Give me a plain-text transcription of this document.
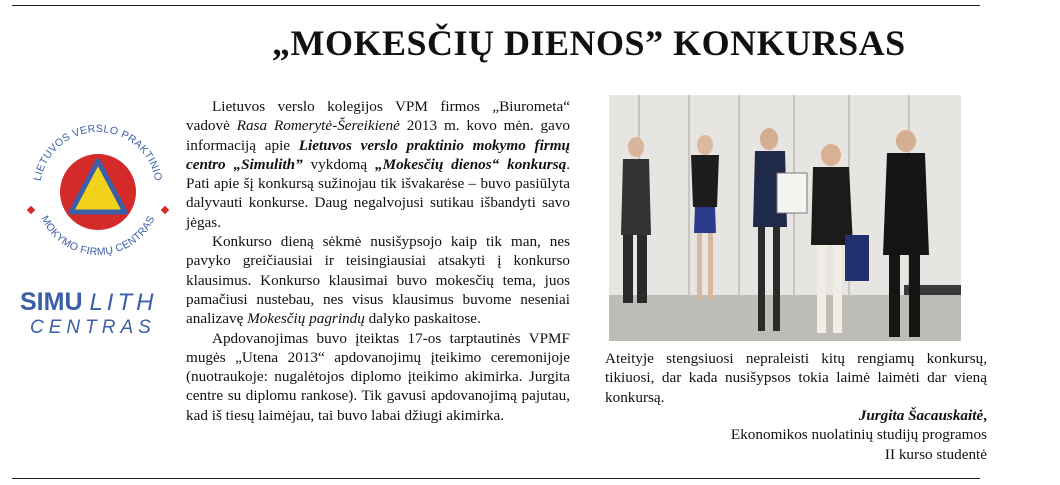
„MOKESČIŲ DIENOS” KONKURSAS
LIETUVOS VERSLO PRAKTINIO
MOKYMO FIRMŲ CENTRAS
SIMU LITH
CENTRAS

Lietuvos verslo kolegijos VPM firmos „Biurometa“ vadovė Rasa Romerytė-Šereikienė 2013 m. kovo mėn. gavo informaciją apie Lietuvos verslo praktinio mokymo firmų centro „Simulith” vykdomą „Mokesčių dienos“ konkursą. Pati apie šį konkursą sužinojau tik išvakarėse – buvo pasiūlyta dalyvauti konkurse. Daug negalvojusi sutikau išbandyti savo jėgas.

Konkurso dieną sėkmė nusišypsojo kaip tik man, nes pavyko greičiausiai ir teisingiausiai atsakyti į konkurso klausimus. Konkurso klausimai buvo mokesčių tema, juos pamačiusi nustebau, nes visus klausimus buvome neseniai analizavę Mokesčių pagrindų dalyko paskaitose.

Apdovanojimas buvo įteiktas 17-os tarptautinės VPMF mugės „Utena 2013“ apdovanojimų įteikimo ceremonijoje (nuotraukoje: nugalėtojos diplomo įteikimo akimirka. Jurgita centre su diplomu rankose). Tik gavusi apdovanojimą pajutau, kad iš tiesų laimėjau, tai buvo labai džiugi akimirka.

Ateityje stengsiuosi nepraleisti kitų rengiamų konkursų, tikiuosi, dar kada nusišypsos tokia laimė laimėti dar vieną konkursą.

Jurgita Šacauskaitė,
Ekonomikos nuolatinių studijų programos
II kurso studentė
